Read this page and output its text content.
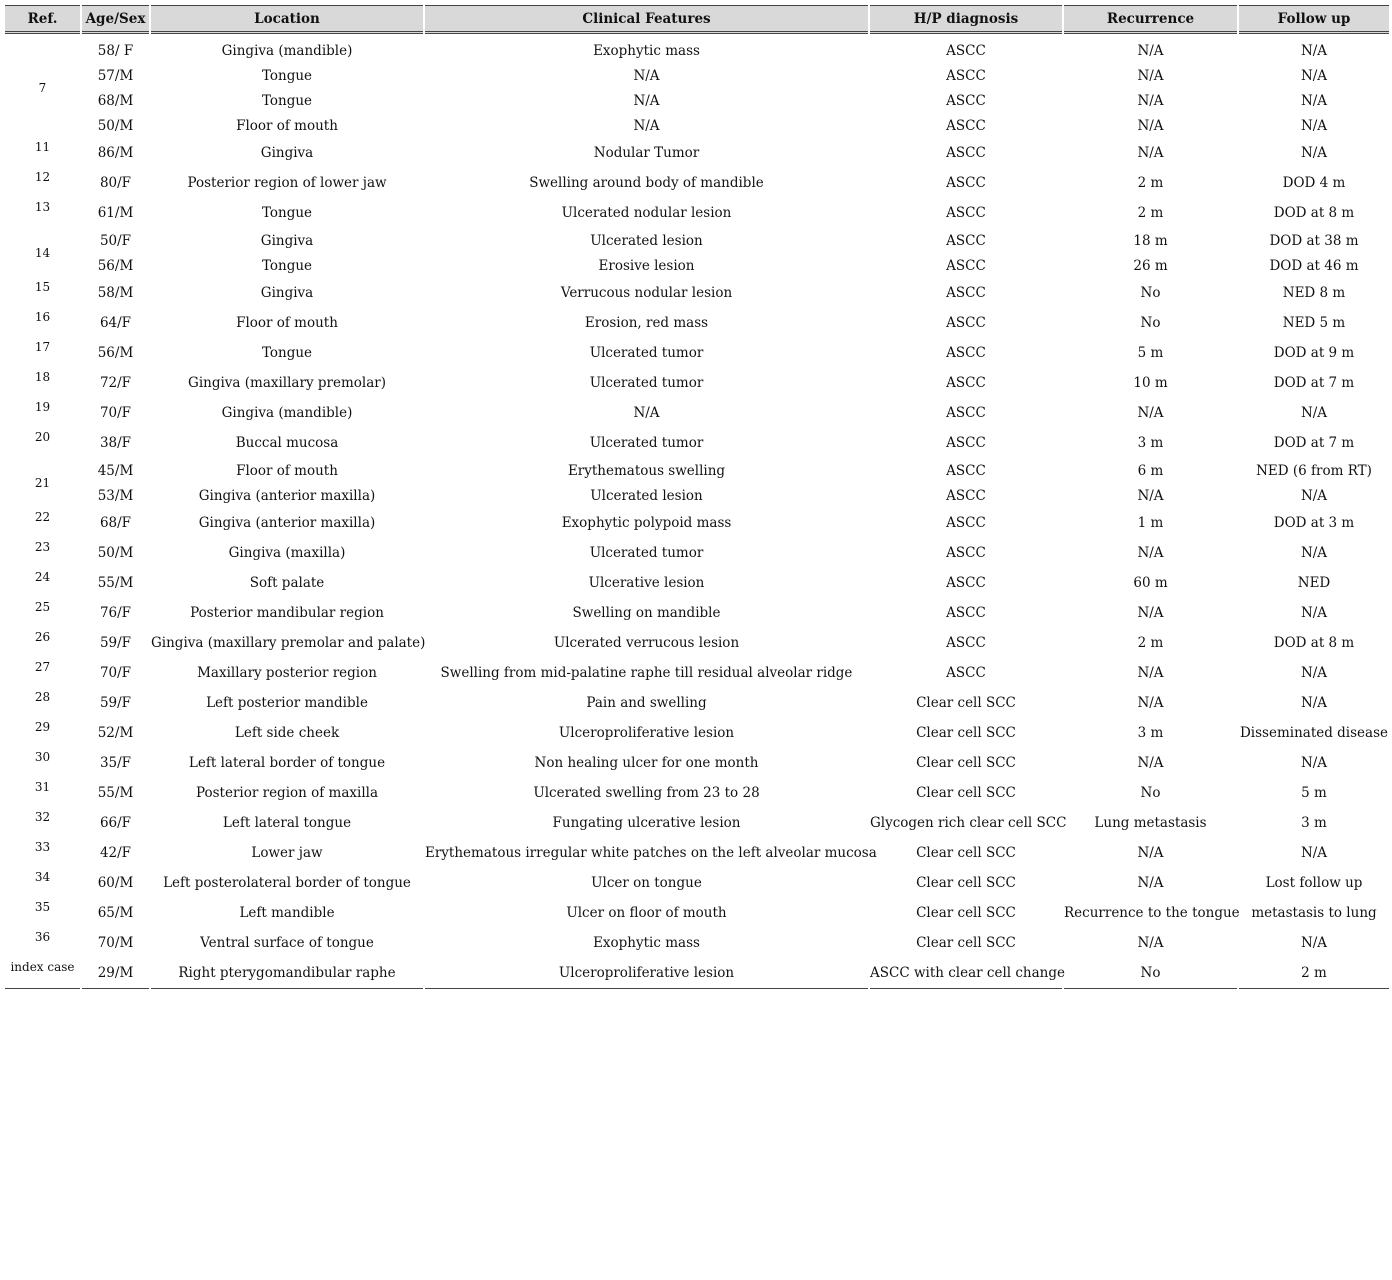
Ref.	Age/Sex	Location	Clinical Features	H/P diagnosis	Recurrence	Follow up

7	58/ F	Gingiva (mandible)	Exophytic mass	ASCC	N/A	N/A
	57/M	Tongue	N/A	ASCC	N/A	N/A
	68/M	Tongue	N/A	ASCC	N/A	N/A
	50/M	Floor of mouth	N/A	ASCC	N/A	N/A
11	86/M	Gingiva	Nodular Tumor	ASCC	N/A	N/A
12	80/F	Posterior region of lower jaw	Swelling around body of mandible	ASCC	2 m	DOD 4 m
13	61/M	Tongue	Ulcerated nodular lesion	ASCC	2 m	DOD at 8 m
14	50/F	Gingiva	Ulcerated lesion	ASCC	18 m	DOD at 38 m
	56/M	Tongue	Erosive lesion	ASCC	26 m	DOD at 46 m
15	58/M	Gingiva	Verrucous nodular lesion	ASCC	No	NED 8 m
16	64/F	Floor of mouth	Erosion, red mass	ASCC	No	NED 5 m
17	56/M	Tongue	Ulcerated tumor	ASCC	5 m	DOD at 9 m
18	72/F	Gingiva (maxillary premolar)	Ulcerated tumor	ASCC	10 m	DOD at 7 m
19	70/F	Gingiva (mandible)	N/A	ASCC	N/A	N/A
20	38/F	Buccal mucosa	Ulcerated tumor	ASCC	3 m	DOD at 7 m
21	45/M	Floor of mouth	Erythematous swelling	ASCC	6 m	NED (6 from RT)
	53/M	Gingiva (anterior maxilla)	Ulcerated lesion	ASCC	N/A	N/A
22	68/F	Gingiva (anterior maxilla)	Exophytic polypoid mass	ASCC	1 m	DOD at 3 m
23	50/M	Gingiva (maxilla)	Ulcerated tumor	ASCC	N/A	N/A
24	55/M	Soft palate	Ulcerative lesion	ASCC	60 m	NED
25	76/F	Posterior mandibular region	Swelling on mandible	ASCC	N/A	N/A
26	59/F	Gingiva (maxillary premolar and palate)	Ulcerated verrucous lesion	ASCC	2 m	DOD at 8 m
27	70/F	Maxillary posterior region	Swelling from mid-palatine raphe till residual alveolar ridge	ASCC	N/A	N/A
28	59/F	Left posterior mandible	Pain and swelling	Clear cell SCC	N/A	N/A
29	52/M	Left side cheek	Ulceroproliferative lesion	Clear cell SCC	3 m	Disseminated disease
30	35/F	Left lateral border of tongue	Non healing ulcer for one month	Clear cell SCC	N/A	N/A
31	55/M	Posterior region of maxilla	Ulcerated swelling from 23 to 28	Clear cell SCC	No	5 m
32	66/F	Left lateral tongue	Fungating ulcerative lesion	Glycogen rich clear cell SCC	Lung metastasis	3 m
33	42/F	Lower jaw	Erythematous irregular white patches on the left alveolar mucosa	Clear cell SCC	N/A	N/A
34	60/M	Left posterolateral border of tongue	Ulcer on tongue	Clear cell SCC	N/A	Lost follow up
35	65/M	Left mandible	Ulcer on floor of mouth	Clear cell SCC	Recurrence to the tongue	metastasis to lung
36	70/M	Ventral surface of tongue	Exophytic mass	Clear cell SCC	N/A	N/A
index case	29/M	Right pterygomandibular raphe	Ulceroproliferative lesion	ASCC with clear cell change	No	2 m
